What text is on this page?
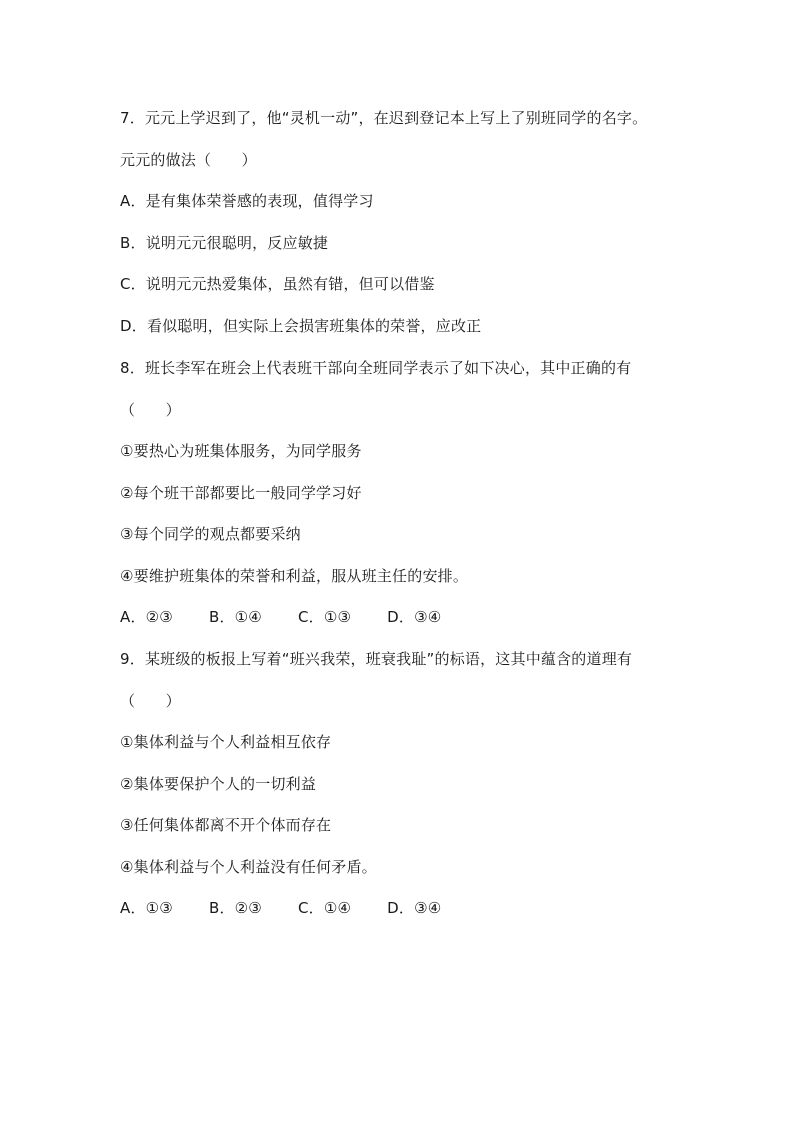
7．元元上学迟到了，他“灵机一动”，在迟到登记本上写上了别班同学的名字。
元元的做法（　　）
A．是有集体荣誉感的表现，值得学习
B．说明元元很聪明，反应敏捷
C．说明元元热爱集体，虽然有错，但可以借鉴
D．看似聪明，但实际上会损害班集体的荣誉，应改正
8．班长李军在班会上代表班干部向全班同学表示了如下决心，其中正确的有
（　　）
①要热心为班集体服务，为同学服务
②每个班干部都要比一般同学学习好
③每个同学的观点都要采纳
④要维护班集体的荣誉和利益，服从班主任的安排。
A．②③ B．①④ C．①③ D．③④
9．某班级的板报上写着“班兴我荣，班衰我耻”的标语，这其中蕴含的道理有
（　　）
①集体利益与个人利益相互依存
②集体要保护个人的一切利益
③任何集体都离不开个体而存在
④集体利益与个人利益没有任何矛盾。
A．①③ B．②③ C．①④ D．③④
